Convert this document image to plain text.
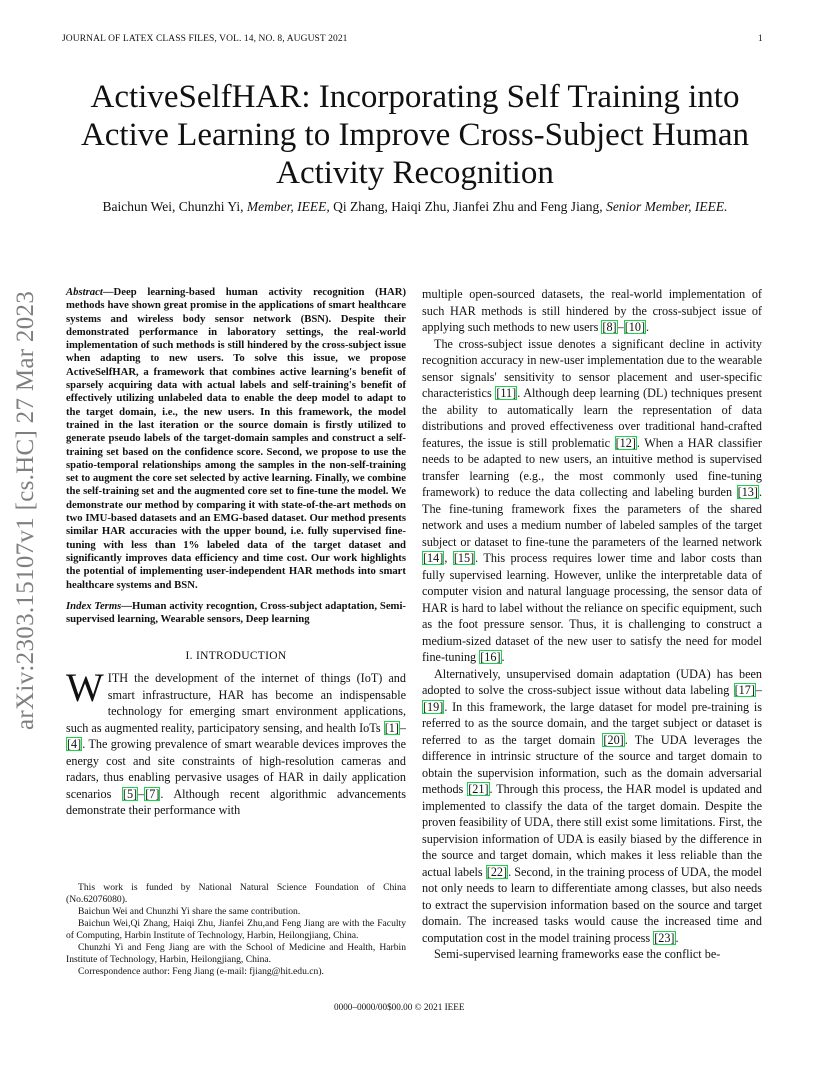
JOURNAL OF LATEX CLASS FILES, VOL. 14, NO. 8, AUGUST 2021	1
ActiveSelfHAR: Incorporating Self Training into Active Learning to Improve Cross-Subject Human Activity Recognition
Baichun Wei, Chunzhi Yi, Member, IEEE, Qi Zhang, Haiqi Zhu, Jianfei Zhu and Feng Jiang, Senior Member, IEEE.
arXiv:2303.15107v1 [cs.HC] 27 Mar 2023	Abstract—Deep learning-based human activity recognition (HAR) methods have shown great promise in the applications of smart healthcare systems and wireless body sensor network (BSN). Despite their demonstrated performance in laboratory settings, the real-world implementation of such methods is still hindered by the cross-subject issue when adapting to new users. To solve this issue, we propose ActiveSelfHAR, a framework that combines active learning's benefit of sparsely acquiring data with actual labels and self-training's benefit of effectively utilizing unlabeled data to enable the deep model to adapt to the target domain, i.e., the new users. In this framework, the model trained in the last iteration or the source domain is firstly utilized to generate pseudo labels of the target-domain samples and construct a self-training set based on the confidence score. Second, we propose to use the spatio-temporal relationships among the samples in the non-self-training set to augment the core set selected by active learning. Finally, we combine the self-training set and the augmented core set to fine-tune the model. We demonstrate our method by comparing it with state-of-the-art methods on two IMU-based datasets and an EMG-based dataset. Our method presents similar HAR accuracies with the upper bound, i.e. fully supervised fine-tuning with less than 1% labeled data of the target dataset and significantly improves data efficiency and time cost. Our work highlights the potential of implementing user-independent HAR methods into smart healthcare systems and BSN.
Index Terms—Human activity recogntion, Cross-subject adaptation, Semi-supervised learning, Wearable sensors, Deep learning
I. INTRODUCTION
WITH the development of the internet of things (IoT) and smart infrastructure, HAR has become an indispensable technology for emerging smart environment applications, such as augmented reality, participatory sensing, and health IoTs [1]–[4]. The growing prevalence of smart wearable devices improves the energy cost and site constraints of high-resolution cameras and radars, thus enabling pervasive usages of HAR in daily application scenarios [5]–[7]. Although recent algorithmic advancements demonstrate their performance with

This work is funded by National Natural Science Foundation of China (No.62076080).

Baichun Wei and Chunzhi Yi share the same contribution.

Baichun Wei,Qi Zhang, Haiqi Zhu, Jianfei Zhu,and Feng Jiang are with the Faculty of Computing, Harbin Institute of Technology, Harbin, Heilongjiang, China.

Chunzhi Yi and Feng Jiang are with the School of Medicine and Health, Harbin Institute of Technology, Harbin, Heilongjiang, China.

Correspondence author: Feng Jiang (e-mail: fjiang@hit.edu.cn).

multiple open-sourced datasets, the real-world implementation of such HAR methods is still hindered by the cross-subject issue of applying such methods to new users [8]–[10].

The cross-subject issue denotes a significant decline in activity recognition accuracy in new-user implementation due to the wearable sensor signals' sensitivity to sensor placement and user-specific characteristics [11]. Although deep learning (DL) techniques present the ability to automatically learn the representation of data distributions and proved effectiveness over traditional hand-crafted features, the issue is still problematic [12]. When a HAR classifier needs to be adapted to new users, an intuitive method is supervised transfer learning (e.g., the most commonly used fine-tuning framework) to reduce the data collecting and labeling burden [13]. The fine-tuning framework fixes the parameters of the shared network and uses a medium number of labeled samples of the target subject or dataset to fine-tune the parameters of the learned network [14], [15]. This process requires lower time and labor costs than fully supervised learning. However, unlike the interpretable data of computer vision and natural language processing, the sensor data of HAR is hard to label without the reliance on specific equipment, such as the foot pressure sensor. Thus, it is challenging to construct a medium-sized dataset of the new user to satisfy the need for model fine-tuning [16].

Alternatively, unsupervised domain adaptation (UDA) has been adopted to solve the cross-subject issue without data labeling [17]–[19]. In this framework, the large dataset for model pre-training is referred to as the source domain, and the target subject or dataset is referred to as the target domain [20]. The UDA leverages the difference in intrinsic structure of the source and target domain to obtain the supervision information, such as the domain adversarial methods [21]. Through this process, the HAR model is updated and implemented to classify the data of the target domain. Despite the proven feasibility of UDA, there still exist some limitations. First, the supervision information of UDA is easily biased by the difference in the source and target domain, which makes it less reliable than the actual labels [22]. Second, in the training process of UDA, the model not only needs to learn to differentiate among classes, but also needs to extract the supervision information based on the source and target domain. The increased tasks would cause the increased time and computation cost in the model training process [23].

Semi-supervised learning frameworks ease the conflict be-

0000–0000/00$00.00 © 2021 IEEE
